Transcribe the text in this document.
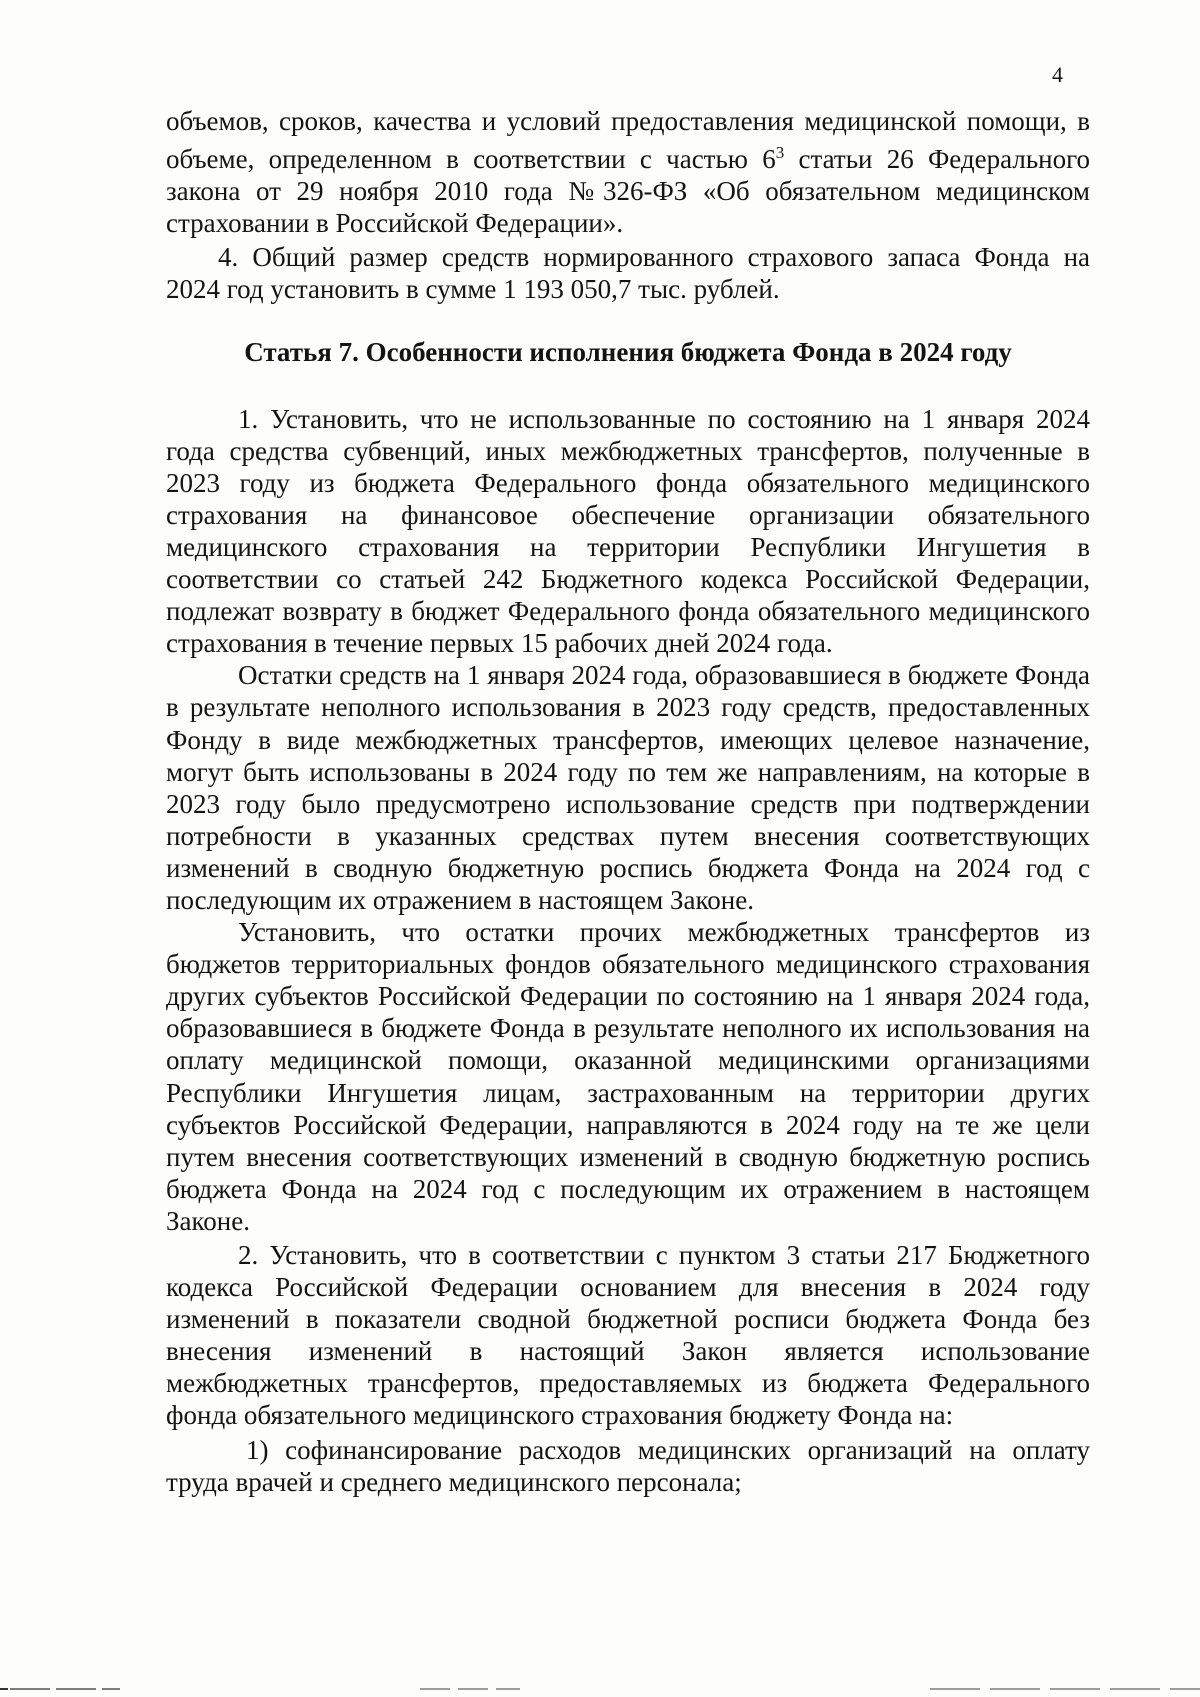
4

объемов, сроков, качества и условий предоставления медицинской помощи, в объеме, определенном в соответствии с частью $6^3$ статьи 26 Федерального закона от 29 ноября 2010 года №326-ФЗ «Об обязательном медицинском страховании в Российской Федерации».

4. Общий размер средств нормированного страхового запаса Фонда на 2024 год установить в сумме 1 193 050,7 тыс. рублей.

Статья 7. Особенности исполнения бюджета Фонда в 2024 году

1. Установить, что не использованные по состоянию на 1 января 2024 года средства субвенций, иных межбюджетных трансфертов, полученные в 2023 году из бюджета Федерального фонда обязательного медицинского страхования на финансовое обеспечение организации обязательного медицинского страхования на территории Республики Ингушетия в соответствии со статьей 242 Бюджетного кодекса Российской Федерации, подлежат возврату в бюджет Федерального фонда обязательного медицинского страхования в течение первых 15 рабочих дней 2024 года.

Остатки средств на 1 января 2024 года, образовавшиеся в бюджете Фонда в результате неполного использования в 2023 году средств, предоставленных Фонду в виде межбюджетных трансфертов, имеющих целевое назначение, могут быть использованы в 2024 году по тем же направлениям, на которые в 2023 году было предусмотрено использование средств при подтверждении потребности в указанных средствах путем внесения соответствующих изменений в сводную бюджетную роспись бюджета Фонда на 2024 год с последующим их отражением в настоящем Законе.

Установить, что остатки прочих межбюджетных трансфертов из бюджетов территориальных фондов обязательного медицинского страхования других субъектов Российской Федерации по состоянию на 1 января 2024 года, образовавшиеся в бюджете Фонда в результате неполного их использования на оплату медицинской помощи, оказанной медицинскими организациями Республики Ингушетия лицам, застрахованным на территории других субъектов Российской Федерации, направляются в 2024 году на те же цели путем внесения соответствующих изменений в сводную бюджетную роспись бюджета Фонда на 2024 год с последующим их отражением в настоящем Законе.

2. Установить, что в соответствии с пунктом 3 статьи 217 Бюджетного кодекса Российской Федерации основанием для внесения в 2024 году изменений в показатели сводной бюджетной росписи бюджета Фонда без внесения изменений в настоящий Закон является использование межбюджетных трансфертов, предоставляемых из бюджета Федерального фонда обязательного медицинского страхования бюджету Фонда на:

1) софинансирование расходов медицинских организаций на оплату труда врачей и среднего медицинского персонала;
